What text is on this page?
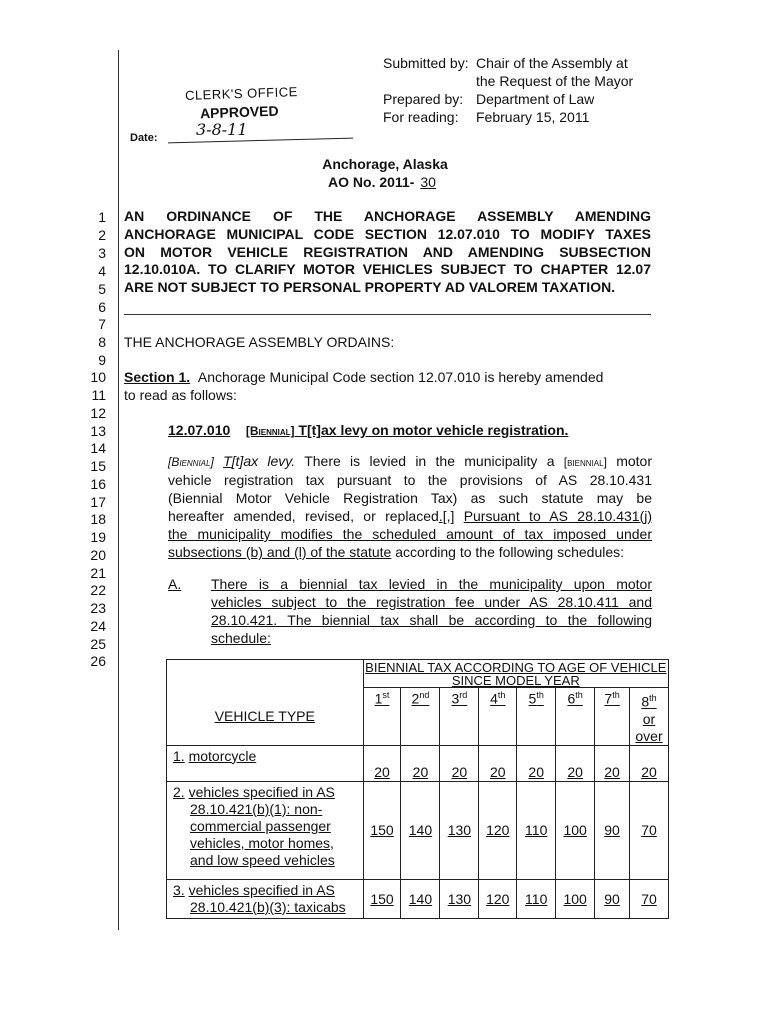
1
2
3
4
5
6
7
8
9
10
11
12
13
14
15
16
17
18
19
20
21
22
23
24
25
26
Submitted by: Chair of the Assembly at
the Request of the Mayor
Prepared by: Department of Law
For reading:	February 15, 2011
CLERK'S OFFICE
APPROVED
Date: 3-8-11
Anchorage, Alaska
AO No. 2011- 30
AN ORDINANCE OF THE ANCHORAGE ASSEMBLY AMENDING
ANCHORAGE MUNICIPAL CODE SECTION 12.07.010 TO MODIFY TAXES
ON MOTOR VEHICLE REGISTRATION AND AMENDING SUBSECTION
12.10.010A. TO CLARIFY MOTOR VEHICLES SUBJECT TO CHAPTER 12.07
ARE NOT SUBJECT TO PERSONAL PROPERTY AD VALOREM TAXATION.
THE ANCHORAGE ASSEMBLY ORDAINS:
Section 1. Anchorage Municipal Code section 12.07.010 is hereby amended
to read as follows:
12.07.010 [Biennial] T[t]ax levy on motor vehicle registration.
[Biennial] T[t]ax levy. There is levied in the municipality a [biennial] motor
vehicle registration tax pursuant to the provisions of AS 28.10.431
(Biennial Motor Vehicle Registration Tax) as such statute may be
hereafter amended, revised, or replaced.[,] Pursuant to AS 28.10.431(j)
the municipality modifies the scheduled amount of tax imposed under
subsections (b) and (l) of the statute according to the following schedules:
A. There is a biennial tax levied in the municipality upon motor
vehicles subject to the registration fee under AS 28.10.411 and
28.10.421. The biennial tax shall be according to the following
schedule:
VEHICLE TYPE	BIENNIAL TAX ACCORDING TO AGE OF VEHICLE
SINCE MODEL YEAR							

	1st	2nd	3rd	4th	5th	6th	7th	8th
or
over

1. motorcycle	20	20	20	20	20	20	20	20

2. vehicles specified in AS
28.10.421(b)(1): non-
commercial passenger
vehicles, motor homes,
and low speed vehicles	150	140	130	120	110	100	90	70

3. vehicles specified in AS
28.10.421(b)(3): taxicabs	150	140	130	120	110	100	90	70
